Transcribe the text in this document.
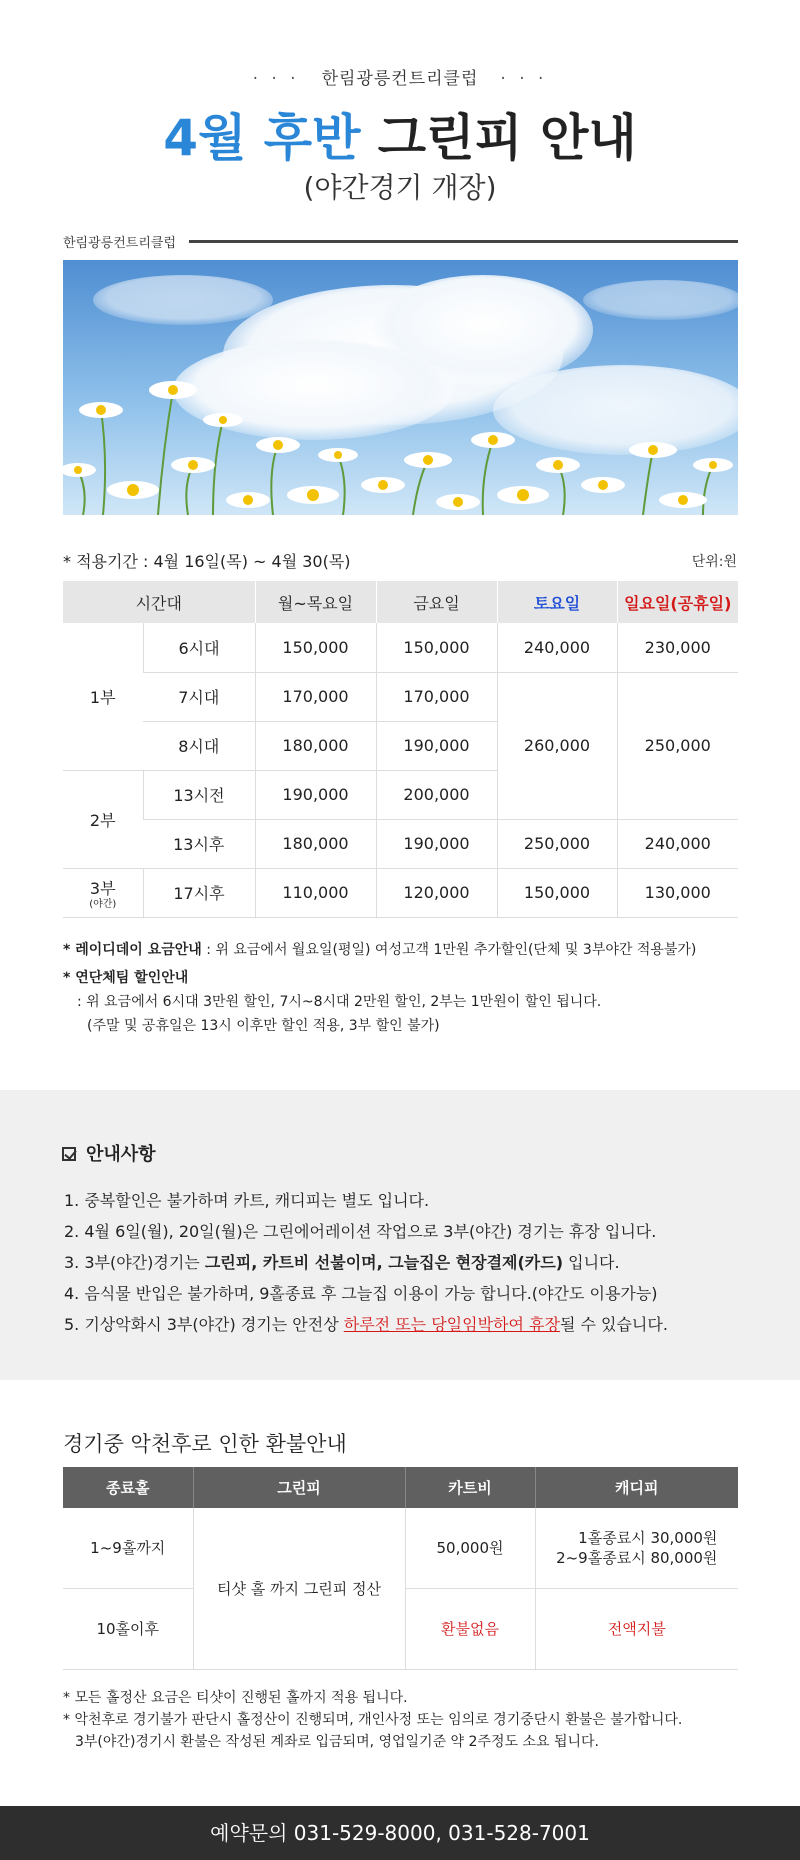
· · · 한림광릉컨트리클럽 · · ·
4월 후반 그린피 안내
(야간경기 개장)
한림광릉컨트리클럽
* 적용기간 : 4월 16일(목) ~ 4월 30(목)	단위:원
시간대		월~목요일	금요일	토요일	일요일(공휴일)
1부	6시대	150,000	150,000	240,000	230,000
	7시대	170,000	170,000	260,000	250,000
	8시대	180,000	190,000		
2부	13시전	190,000	200,000		
	13시후	180,000	190,000	250,000	240,000
3부
(야간)	17시후	110,000	120,000	150,000	130,000
* 레이디데이 요금안내 : 위 요금에서 월요일(평일) 여성고객 1만원 추가할인(단체 및 3부야간 적용불가)
* 연단체팀 할인안내
: 위 요금에서 6시대 3만원 할인, 7시~8시대 2만원 할인, 2부는 1만원이 할인 됩니다.
(주말 및 공휴일은 13시 이후만 할인 적용, 3부 할인 불가)
안내사항
1. 중복할인은 불가하며 카트, 캐디피는 별도 입니다.
2. 4월 6일(월), 20일(월)은 그린에어레이션 작업으로 3부(야간) 경기는 휴장 입니다.
3. 3부(야간)경기는 그린피, 카트비 선불이며, 그늘집은 현장결제(카드) 입니다.
4. 음식물 반입은 불가하며, 9홀종료 후 그늘집 이용이 가능 합니다.(야간도 이용가능)
5. 기상악화시 3부(야간) 경기는 안전상 하루전 또는 당일임박하여 휴장될 수 있습니다.
경기중 악천후로 인한 환불안내
종료홀	그린피	카트비	캐디피
1~9홀까지	티샷 홀 까지 그린피 정산	50,000원	1홀종료시 30,000원
2~9홀종료시 80,000원

10홀이후		환불없음	전액지불
* 모든 홀정산 요금은 티샷이 진행된 홀까지 적용 됩니다.
* 악천후로 경기불가 판단시 홀정산이 진행되며, 개인사정 또는 임의로 경기중단시 환불은 불가합니다.
3부(야간)경기시 환불은 작성된 계좌로 입금되며, 영업일기준 약 2주정도 소요 됩니다.
예약문의 031-529-8000, 031-528-7001
